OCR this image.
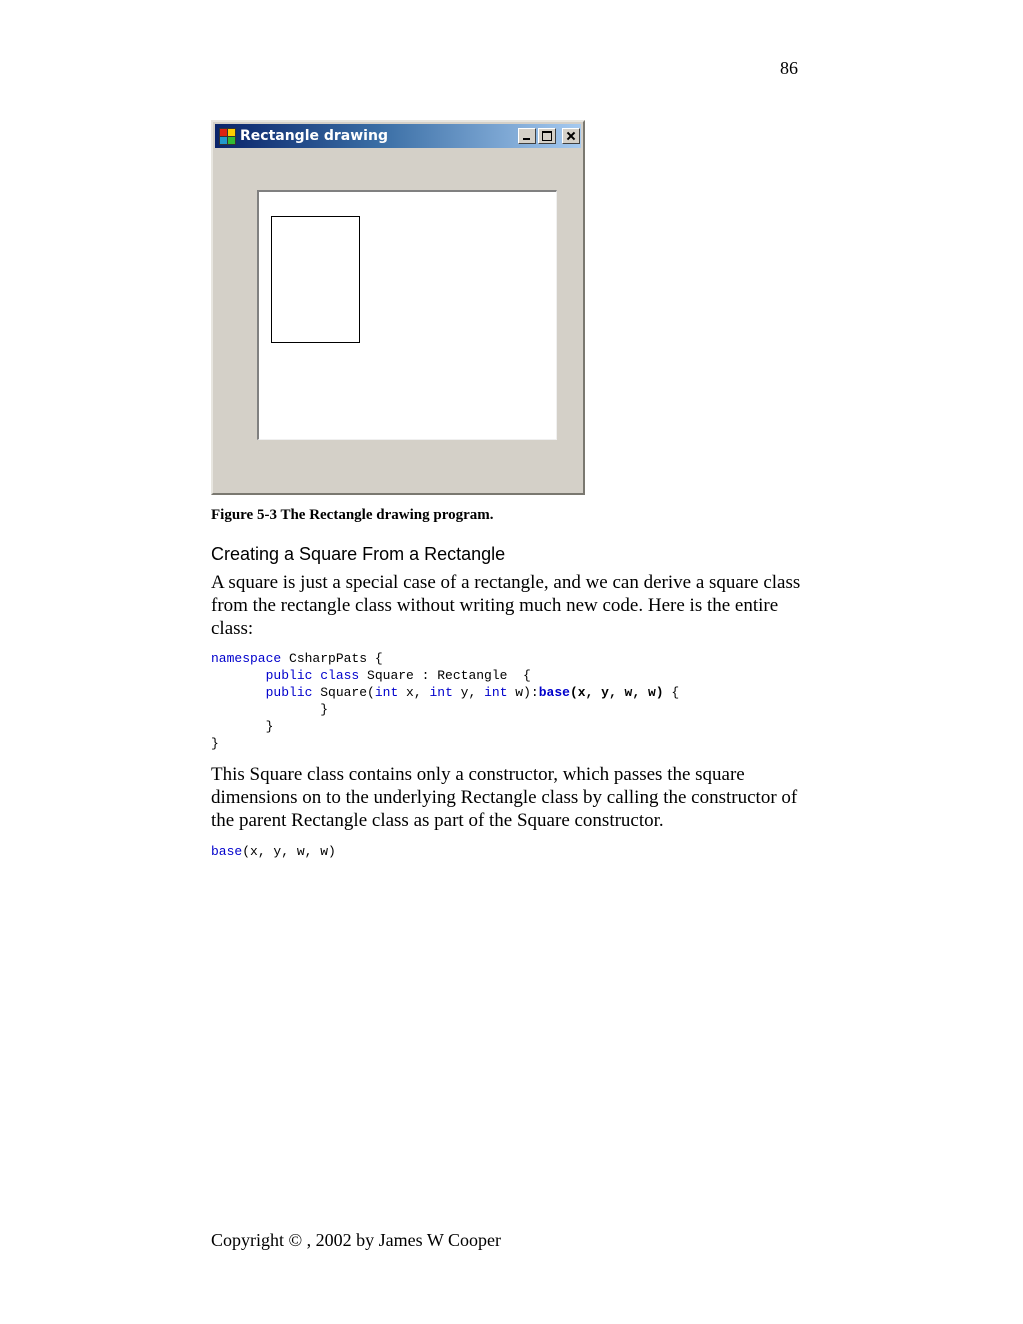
86
Rectangle drawing
Figure 5-3 The Rectangle drawing program.
Creating a Square From a Rectangle

A square is just a special case of a rectangle, and we can derive a square class from the rectangle class without writing much new code. Here is the entire class:

namespace CsharpPats {
public class Square : Rectangle  {
public Square(int x, int y, int w):base(x, y, w, w) {
}
}
}

This Square class contains only a constructor, which passes the square dimensions on to the underlying Rectangle class by calling the constructor of the parent Rectangle class as part of the Square constructor.

base(x, y, w, w)
Copyright © , 2002 by James W Cooper
